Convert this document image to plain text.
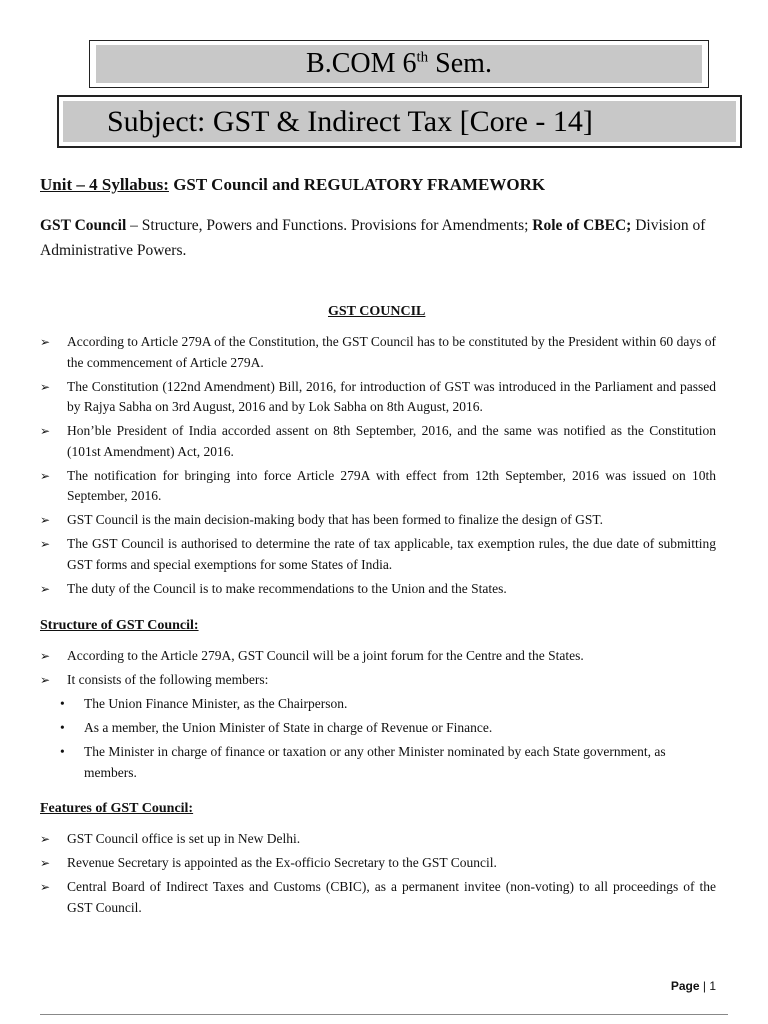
B.COM 6th Sem.
Subject: GST & Indirect Tax [Core - 14]
Unit – 4 Syllabus: GST Council and REGULATORY FRAMEWORK
GST Council – Structure, Powers and Functions. Provisions for Amendments; Role of CBEC; Division of Administrative Powers.
GST COUNCIL
➢ According to Article 279A of the Constitution, the GST Council has to be constituted by the President within 60 days of the commencement of Article 279A.
➢ The Constitution (122nd Amendment) Bill, 2016, for introduction of GST was introduced in the Parliament and passed by Rajya Sabha on 3rd August, 2016 and by Lok Sabha on 8th August, 2016.
➢ Hon’ble President of India accorded assent on 8th September, 2016, and the same was notified as the Constitution (101st Amendment) Act, 2016.
➢ The notification for bringing into force Article 279A with effect from 12th September, 2016 was issued on 10th September, 2016.
➢ GST Council is the main decision-making body that has been formed to finalize the design of GST.
➢ The GST Council is authorised to determine the rate of tax applicable, tax exemption rules, the due date of submitting GST forms and special exemptions for some States of India.
➢ The duty of the Council is to make recommendations to the Union and the States.
Structure of GST Council:
➢ According to the Article 279A, GST Council will be a joint forum for the Centre and the States.
➢ It consists of the following members:
• The Union Finance Minister, as the Chairperson.
• As a member, the Union Minister of State in charge of Revenue or Finance.
• The Minister in charge of finance or taxation or any other Minister nominated by each State government, as members.
Features of GST Council:
➢ GST Council office is set up in New Delhi.
➢ Revenue Secretary is appointed as the Ex-officio Secretary to the GST Council.
➢ Central Board of Indirect Taxes and Customs (CBIC), as a permanent invitee (non-voting) to all proceedings of the GST Council.
Page | 1
